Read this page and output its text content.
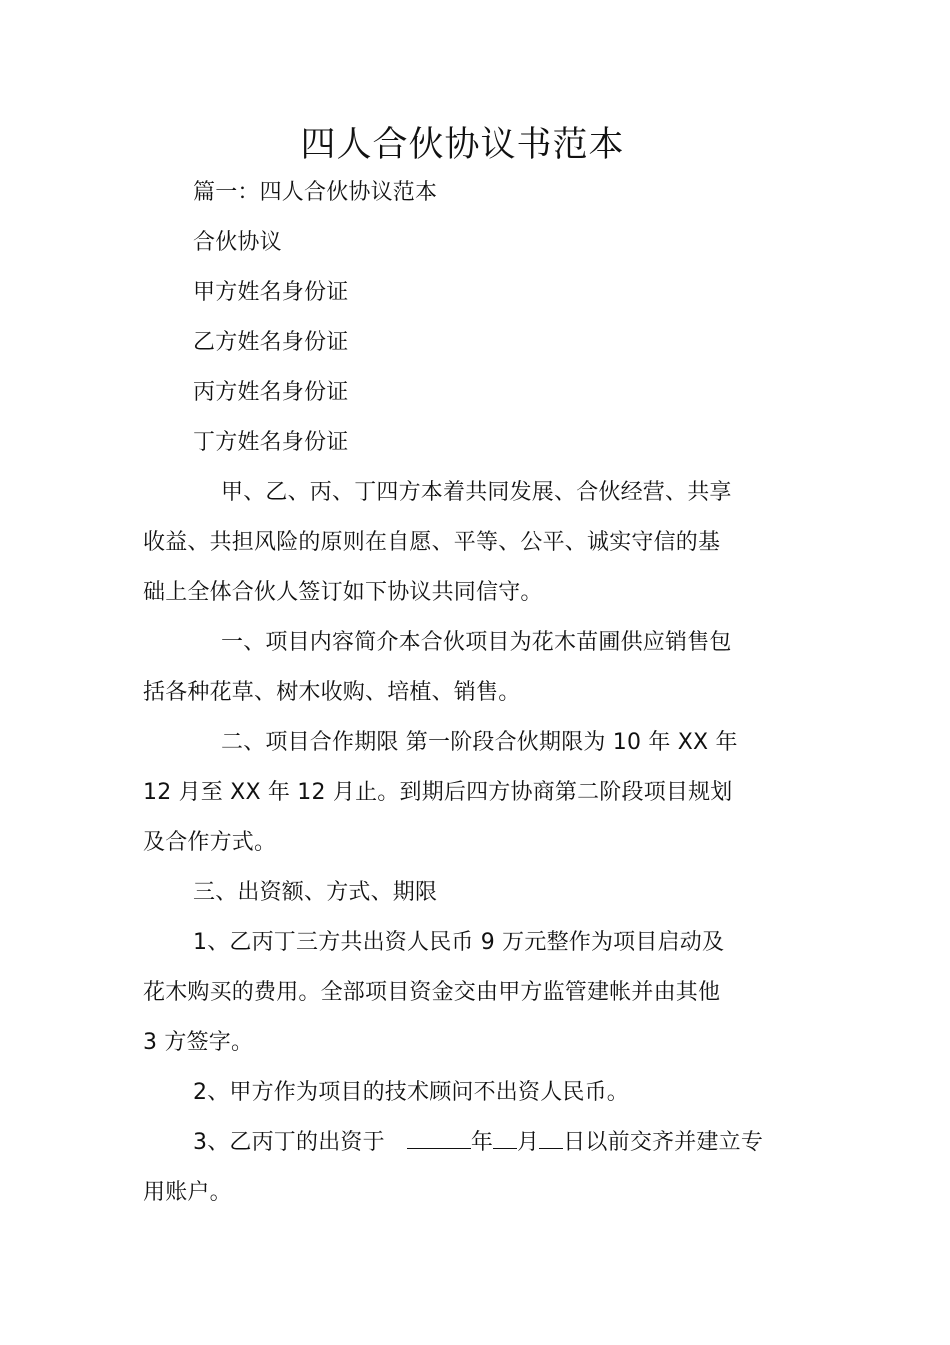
四人合伙协议书范本
篇一：四人合伙协议范本
合伙协议
甲方姓名身份证
乙方姓名身份证
丙方姓名身份证
丁方姓名身份证
甲、乙、丙、丁四方本着共同发展、合伙经营、共享
收益、共担风险的原则在自愿、平等、公平、诚实守信的基
础上全体合伙人签订如下协议共同信守。
一、项目内容简介本合伙项目为花木苗圃供应销售包
括各种花草、树木收购、培植、销售。
二、项目合作期限 第一阶段合伙期限为 10 年 XX 年
12 月至 XX 年 12 月止。到期后四方协商第二阶段项目规划
及合作方式。
三、出资额、方式、期限
1、乙丙丁三方共出资人民币 9 万元整作为项目启动及
花木购买的费用。全部项目资金交由甲方监管建帐并由其他
3 方签字。
2、甲方作为项目的技术顾问不出资人民币。
3、乙丙丁的出资于	年 月 日以前交齐并建立专
用账户。
